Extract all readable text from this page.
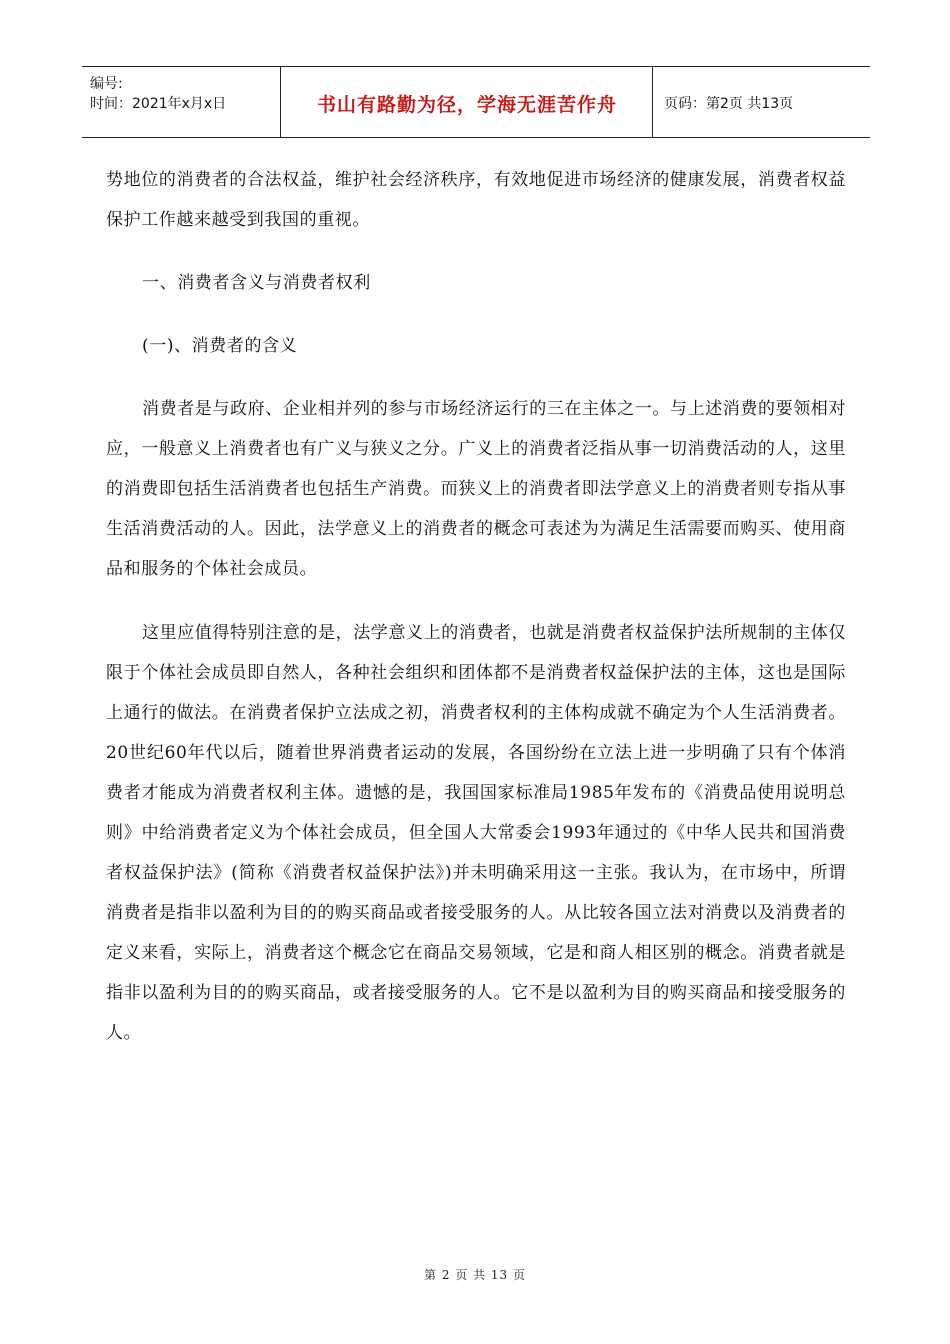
编号:
时间：2021年x月x日	书山有路勤为径，学海无涯苦作舟	页码：第2页 共13页

势地位的消费者的合法权益，维护社会经济秩序，有效地促进市场经济的健康发展，消费者权益保护工作越来越受到我国的重视。

一、消费者含义与消费者权利

(一)、消费者的含义

消费者是与政府、企业相并列的参与市场经济运行的三在主体之一。与上述消费的要领相对应，一般意义上消费者也有广义与狭义之分。广义上的消费者泛指从事一切消费活动的人，这里的消费即包括生活消费者也包括生产消费。而狭义上的消费者即法学意义上的消费者则专指从事生活消费活动的人。因此，法学意义上的消费者的概念可表述为为满足生活需要而购买、使用商品和服务的个体社会成员。

这里应值得特别注意的是，法学意义上的消费者，也就是消费者权益保护法所规制的主体仅限于个体社会成员即自然人，各种社会组织和团体都不是消费者权益保护法的主体，这也是国际上通行的做法。在消费者保护立法成之初，消费者权利的主体构成就不确定为个人生活消费者。20世纪60年代以后，随着世界消费者运动的发展，各国纷纷在立法上进一步明确了只有个体消费者才能成为消费者权利主体。遗憾的是，我国国家标准局1985年发布的《消费品使用说明总则》中给消费者定义为个体社会成员，但全国人大常委会1993年通过的《中华人民共和国消费者权益保护法》(简称《消费者权益保护法》)并未明确采用这一主张。我认为，在市场中，所谓消费者是指非以盈利为目的的购买商品或者接受服务的人。从比较各国立法对消费以及消费者的定义来看，实际上，消费者这个概念它在商品交易领域，它是和商人相区别的概念。消费者就是指非以盈利为目的的购买商品，或者接受服务的人。它不是以盈利为目的购买商品和接受服务的人。

第 2 页 共 13 页
